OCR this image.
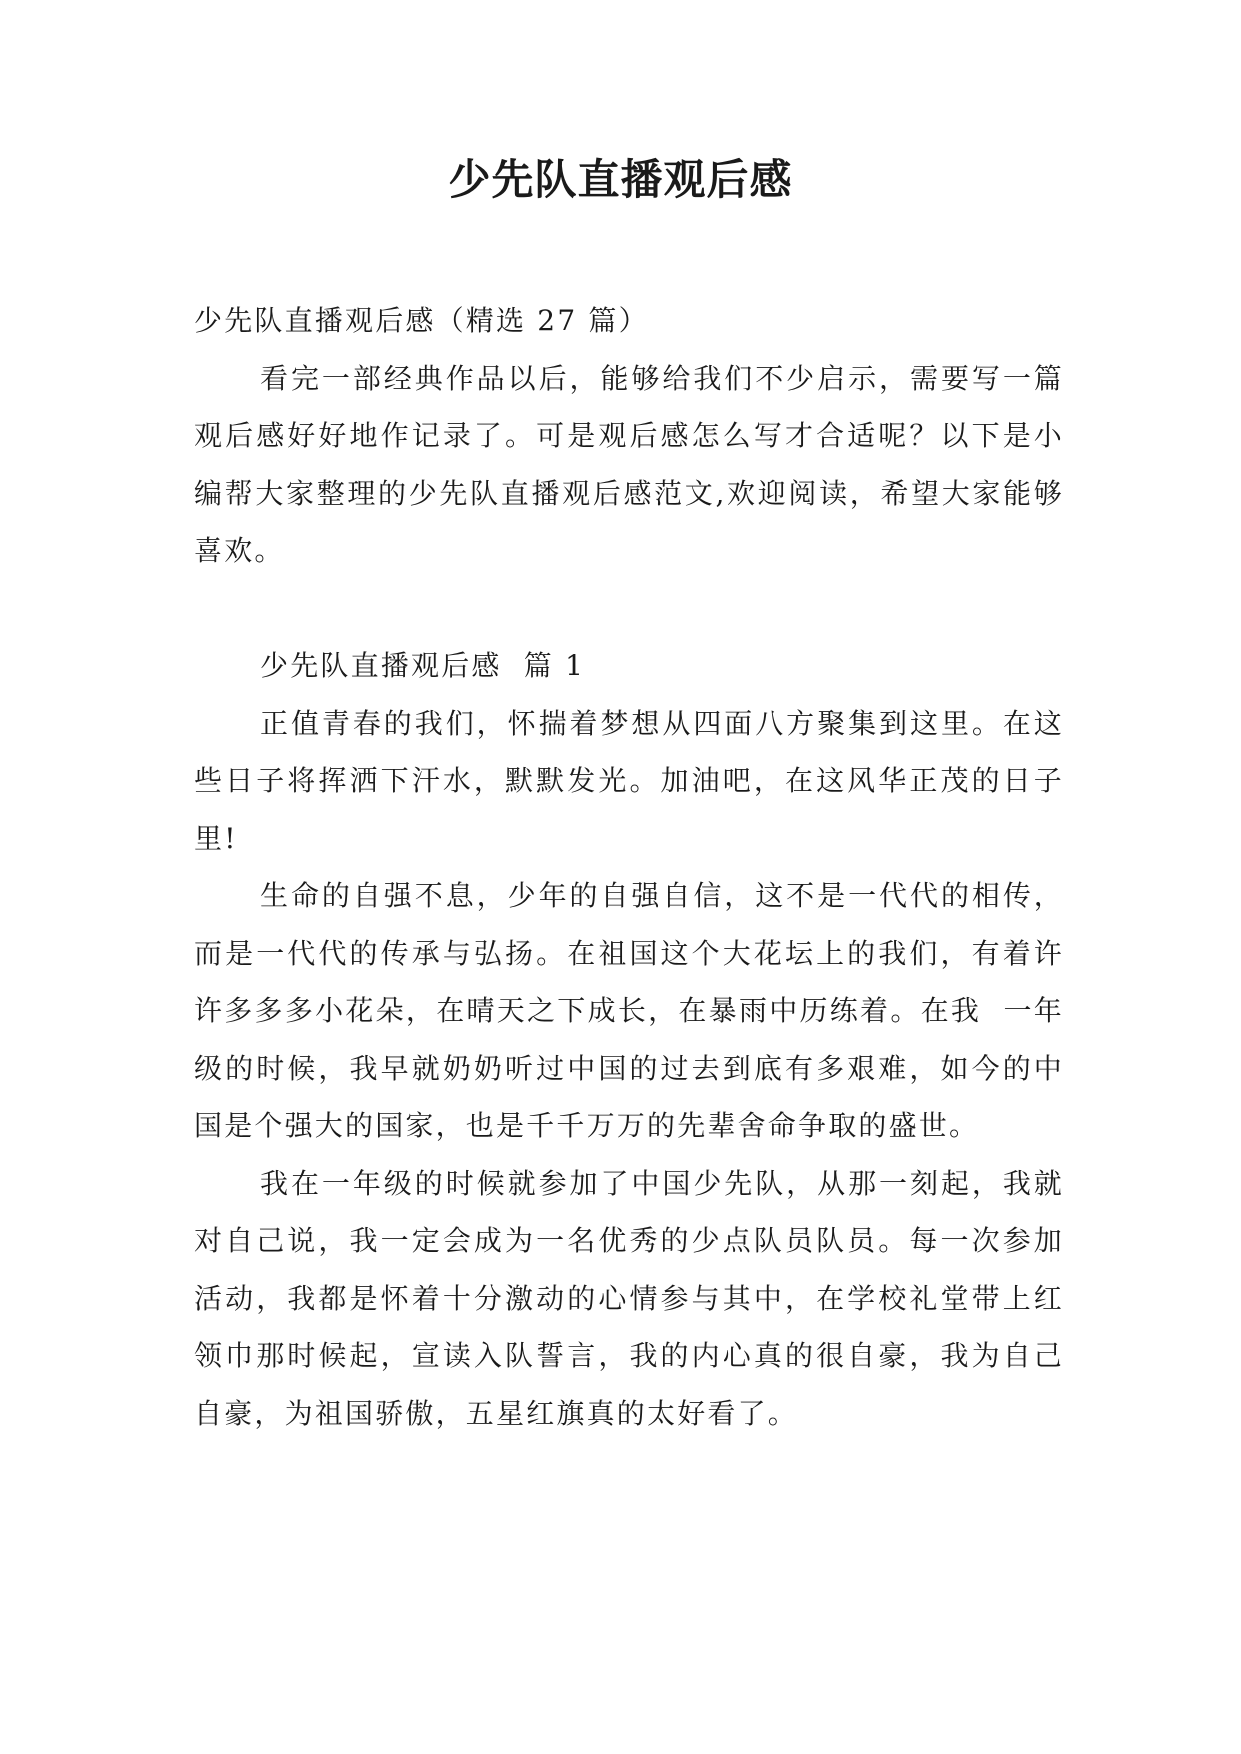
少先队直播观后感

少先队直播观后感（精选 27 篇）

看完一部经典作品以后，能够给我们不少启示，需要写一篇观后感好好地作记录了。可是观后感怎么写才合适呢？以下是小编帮大家整理的少先队直播观后感范文,欢迎阅读，希望大家能够喜欢。

少先队直播观后感  篇 1

正值青春的我们，怀揣着梦想从四面八方聚集到这里。在这些日子将挥洒下汗水，默默发光。加油吧，在这风华正茂的日子里!

生命的自强不息，少年的自强自信，这不是一代代的相传，而是一代代的传承与弘扬。在祖国这个大花坛上的我们，有着许许多多多小花朵，在晴天之下成长，在暴雨中历练着。在我  一年级的时候，我早就奶奶听过中国的过去到底有多艰难，如今的中国是个强大的国家，也是千千万万的先辈舍命争取的盛世。

我在一年级的时候就参加了中国少先队，从那一刻起，我就对自己说，我一定会成为一名优秀的少点队员队员。每一次参加活动，我都是怀着十分激动的心情参与其中，在学校礼堂带上红领巾那时候起，宣读入队誓言，我的内心真的很自豪，我为自己自豪，为祖国骄傲，五星红旗真的太好看了。
